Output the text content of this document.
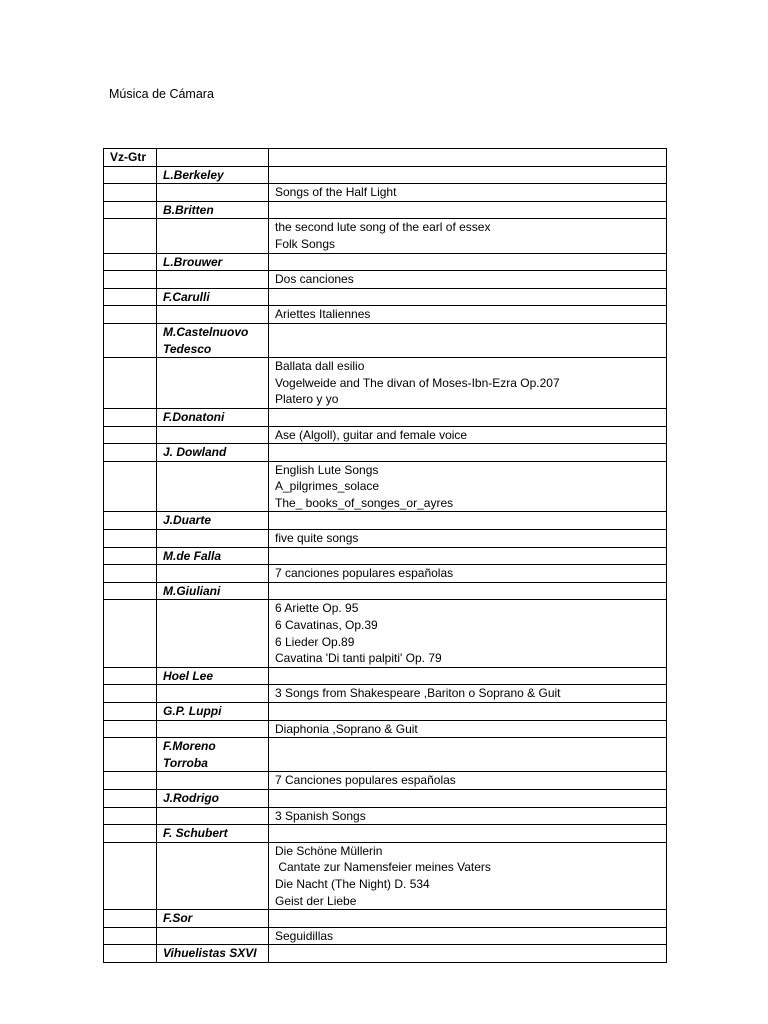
Música de Cámara
Vz-Gtr		
	L.Berkeley	

		Songs of the Half Light

	B.Britten	

		the second lute song of the earl of essex
Folk Songs

	L.Brouwer	

		Dos canciones

	F.Carulli	

		Ariettes Italiennes

	M.Castelnuovo Tedesco	

		Ballata dall esilio
Vogelweide and The divan of Moses-Ibn-Ezra Op.207
Platero y yo

	F.Donatoni	

		Ase (Algoll), guitar and female voice

	J. Dowland	

		English Lute Songs
A_pilgrimes_solace
The_ books_of_songes_or_ayres

	J.Duarte	

		five quite songs

	M.de Falla	

		7 canciones populares españolas

	M.Giuliani	

		6 Ariette Op. 95
6 Cavatinas, Op.39
6 Lieder Op.89
Cavatina 'Di tanti palpiti' Op. 79

	Hoel Lee	

		3 Songs from Shakespeare ,Bariton o Soprano & Guit

	G.P. Luppi	

		Diaphonia ,Soprano & Guit

	F.Moreno Torroba	

		7 Canciones populares españolas

	J.Rodrigo	

		3 Spanish Songs

	F. Schubert	

		Die Schöne Müllerin
Cantate zur Namensfeier meines Vaters
Die Nacht (The Night) D. 534
Geist der Liebe

	F.Sor	

		Seguidillas

	Vihuelistas SXVI	
